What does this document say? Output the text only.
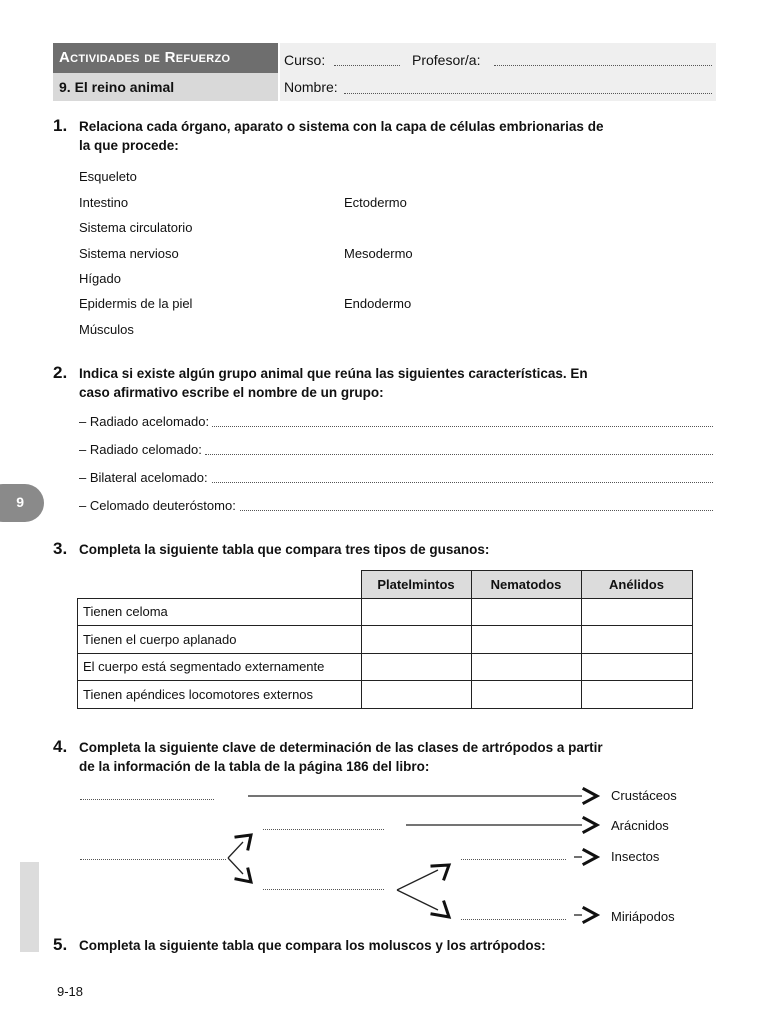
Actividades de Refuerzo	Curso:	Profesor/a:
9. El reino animal	Nombre:
9
1. Relaciona cada órgano, aparato o sistema con la capa de células embrionarias de
la que procede:
Esqueleto
Intestino
Sistema circulatorio
Sistema nervioso
Hígado
Epidermis de la piel
Músculos
Ectodermo
Mesodermo
Endodermo
2. Indica si existe algún grupo animal que reúna las siguientes características. En
caso afirmativo escribe el nombre de un grupo:
– Radiado acelomado:
– Radiado celomado:
– Bilateral acelomado:
– Celomado deuteróstomo:
3. Completa la siguiente tabla que compara tres tipos de gusanos:
	Platelmintos	Nematodos	Anélidos
Tienen celoma			
Tienen el cuerpo aplanado			
El cuerpo está segmentado externamente			
Tienen apéndices locomotores externos			
4. Completa la siguiente clave de determinación de las clases de artrópodos a partir
de la información de la tabla de la página 186 del libro:
Crustáceos
Arácnidos
Insectos
Miriápodos
5. Completa la siguiente tabla que compara los moluscos y los artrópodos:
9-18
